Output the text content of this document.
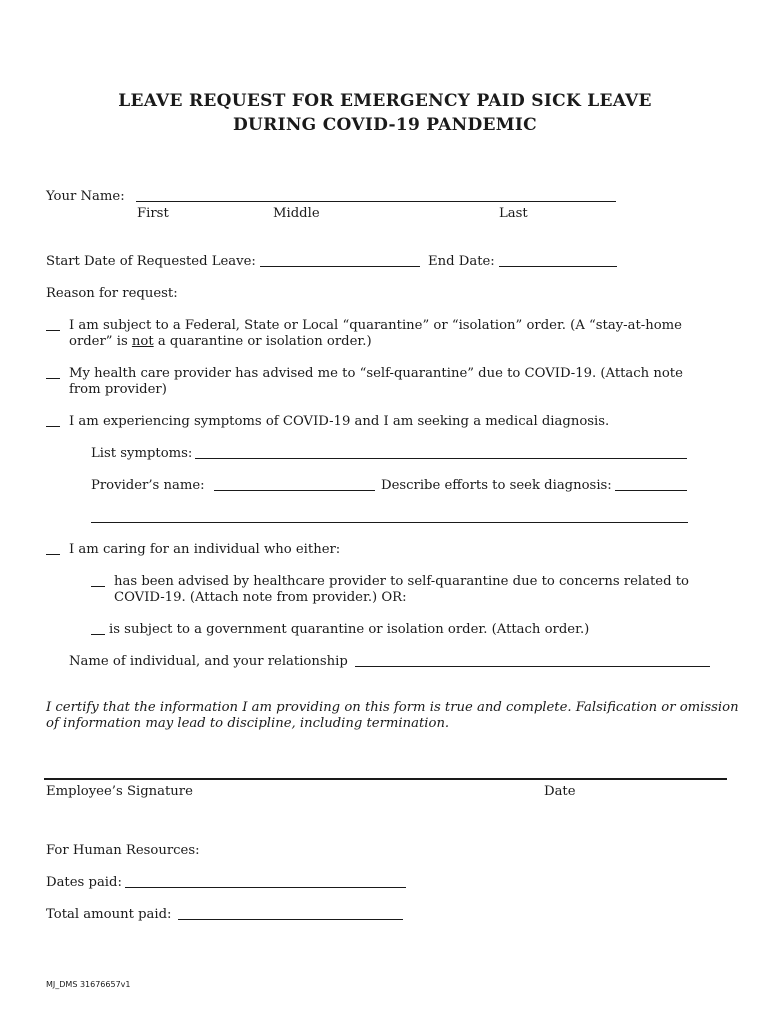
LEAVE REQUEST FOR EMERGENCY PAID SICK LEAVE
DURING COVID-19 PANDEMIC
Your Name:
First	Middle	Last
Start Date of Requested Leave:	End Date:
Reason for request:
I am subject to a Federal, State or Local “quarantine” or “isolation” order. (A “stay-at-home
order” is not a quarantine or isolation order.)
My health care provider has advised me to “self-quarantine” due to COVID-19. (Attach note
from provider)
I am experiencing symptoms of COVID-19 and I am seeking a medical diagnosis.
List symptoms:
Provider’s name:	Describe efforts to seek diagnosis:
I am caring for an individual who either:
has been advised by healthcare provider to self-quarantine due to concerns related to
COVID-19. (Attach note from provider.) OR:
is subject to a government quarantine or isolation order. (Attach order.)
Name of individual, and your relationship
I certify that the information I am providing on this form is true and complete. Falsification or omission
of information may lead to discipline, including termination.
Employee’s Signature	Date
For Human Resources:
Dates paid:
Total amount paid:
MJ_DMS 31676657v1
